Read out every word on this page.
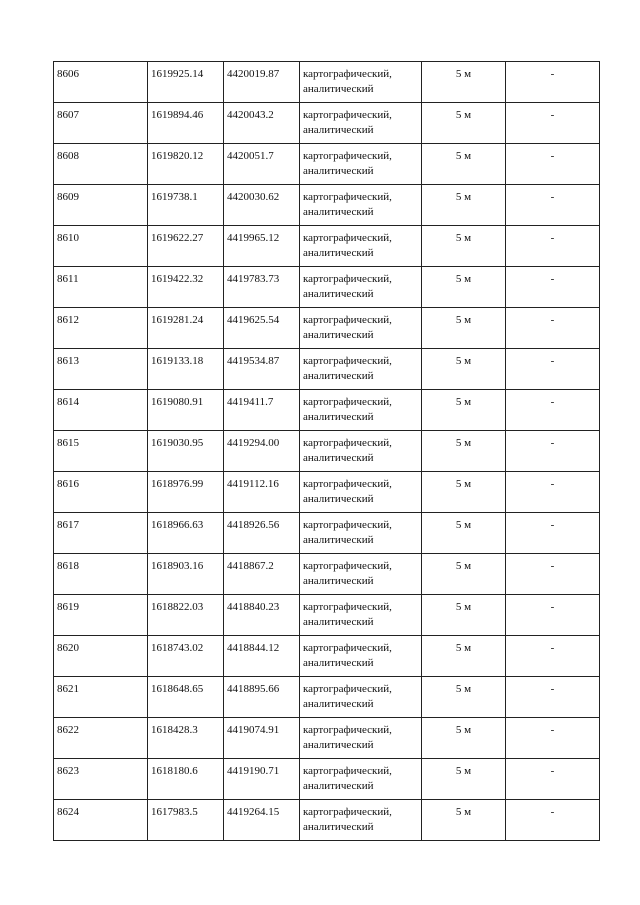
8606	1619925.14	4420019.87	картографический,
аналитический	5 м	-
8607	1619894.46	4420043.2	картографический,
аналитический	5 м	-
8608	1619820.12	4420051.7	картографический,
аналитический	5 м	-
8609	1619738.1	4420030.62	картографический,
аналитический	5 м	-
8610	1619622.27	4419965.12	картографический,
аналитический	5 м	-
8611	1619422.32	4419783.73	картографический,
аналитический	5 м	-
8612	1619281.24	4419625.54	картографический,
аналитический	5 м	-
8613	1619133.18	4419534.87	картографический,
аналитический	5 м	-
8614	1619080.91	4419411.7	картографический,
аналитический	5 м	-
8615	1619030.95	4419294.00	картографический,
аналитический	5 м	-
8616	1618976.99	4419112.16	картографический,
аналитический	5 м	-
8617	1618966.63	4418926.56	картографический,
аналитический	5 м	-
8618	1618903.16	4418867.2	картографический,
аналитический	5 м	-
8619	1618822.03	4418840.23	картографический,
аналитический	5 м	-
8620	1618743.02	4418844.12	картографический,
аналитический	5 м	-
8621	1618648.65	4418895.66	картографический,
аналитический	5 м	-
8622	1618428.3	4419074.91	картографический,
аналитический	5 м	-
8623	1618180.6	4419190.71	картографический,
аналитический	5 м	-
8624	1617983.5	4419264.15	картографический,
аналитический	5 м	-
